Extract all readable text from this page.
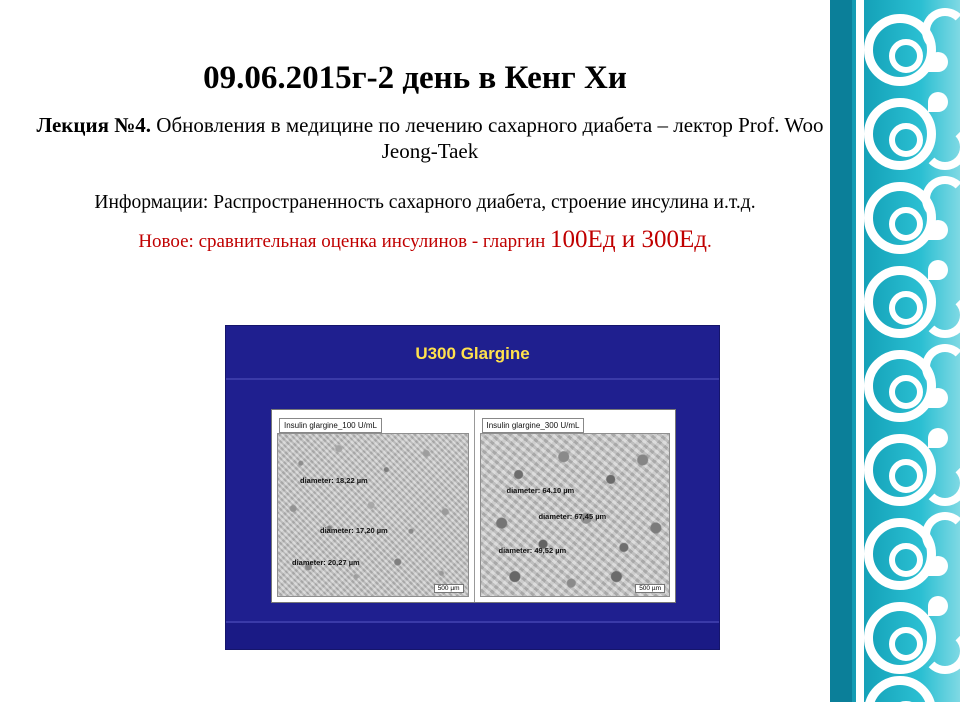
09.06.2015г-2 день в Кенг Хи
Лекция №4. Обновления в медицине по лечению сахарного диабета – лектор Prof. Woo Jeong-Taek
Информации: Распространенность сахарного диабета, строение инсулина и.т.д.
Новое: сравнительная оценка инсулинов - гларгин 100Ед и 300Ед.
U300 Glargine
Insulin glargine_100 U/mL
diameter: 18,22 µm
diameter: 17,20 µm
diameter: 20,27 µm
500 µm
Insulin glargine_300 U/mL
diameter: 64.10 µm
diameter: 67,45 µm
diameter: 49,52 µm
500 µm
